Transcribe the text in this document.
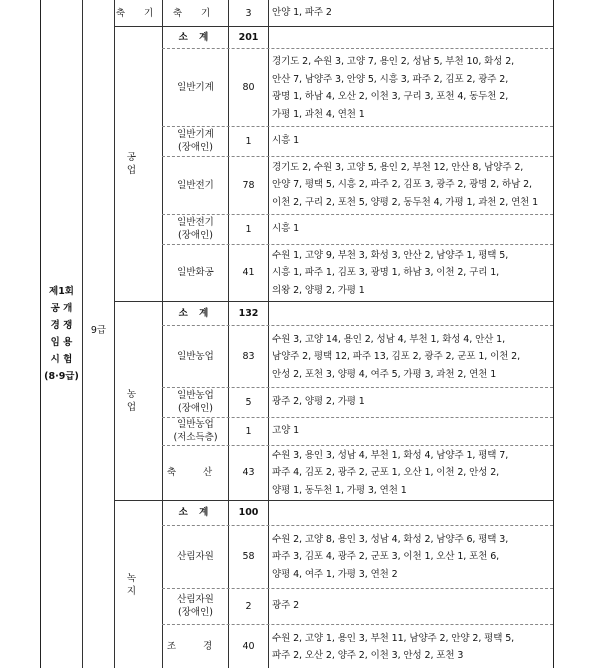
제1회
공 개
경 쟁
임 용
시 험
(8·9급)
9급
축 기	축 기	3	안양 1, 파주 2
공 업
소 계	201
일반기계	80
경기도 2, 수원 3, 고양 7, 용인 2, 성남 5, 부천 10, 화성 2,
안산 7, 남양주 3, 안양 5, 시흥 3, 파주 2, 김포 2, 광주 2,
광명 1, 하남 4, 오산 2, 이천 3, 구리 3, 포천 4, 동두천 2,
가평 1, 과천 4, 연천 1
일반기계
(장애인)
1	시흥 1
일반전기	78
경기도 2, 수원 3, 고양 5, 용인 2, 부천 12, 안산 8, 남양주 2,
안양 7, 평택 5, 시흥 2, 파주 2, 김포 3, 광주 2, 광명 2, 하남 2,
이천 2, 구리 2, 포천 5, 양평 2, 동두천 4, 가평 1, 과천 2, 연천 1
일반전기
(장애인)
1	시흥 1
일반화공	41
수원 1, 고양 9, 부천 3, 화성 3, 안산 2, 남양주 1, 평택 5,
시흥 1, 파주 1, 김포 3, 광명 1, 하남 3, 이천 2, 구리 1,
의왕 2, 양평 2, 가평 1
농 업
소 계	132
일반농업	83
수원 3, 고양 14, 용인 2, 성남 4, 부천 1, 화성 4, 안산 1,
남양주 2, 평택 12, 파주 13, 김포 2, 광주 2, 군포 1, 이천 2,
안성 2, 포천 3, 양평 4, 여주 5, 가평 3, 과천 2, 연천 1
일반농업
(장애인)
5	광주 2, 양평 2, 가평 1
일반농업
(저소득층)
1	고양 1
축 산	43
수원 3, 용인 3, 성남 4, 부천 1, 화성 4, 남양주 1, 평택 7,
파주 4, 김포 2, 광주 2, 군포 1, 오산 1, 이천 2, 안성 2,
양평 1, 동두천 1, 가평 3, 연천 1
녹 지
소 계	100
산림자원	58
수원 2, 고양 8, 용인 3, 성남 4, 화성 2, 남양주 6, 평택 3,
파주 3, 김포 4, 광주 2, 군포 3, 이천 1, 오산 1, 포천 6,
양평 4, 여주 1, 가평 3, 연천 2
산림자원
(장애인)
2	광주 2
조 경	40
수원 2, 고양 1, 용인 3, 부천 11, 남양주 2, 안양 2, 평택 5,
파주 2, 오산 2, 양주 2, 이천 3, 안성 2, 포천 3
